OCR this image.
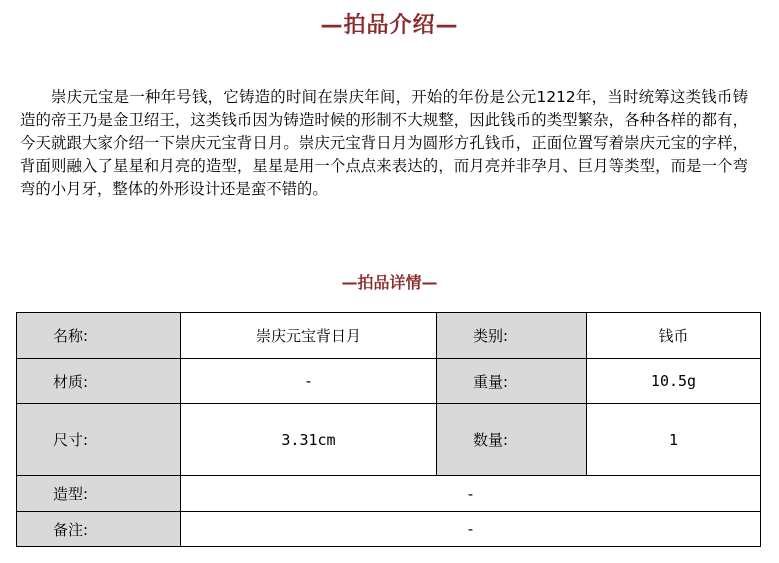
—拍品介绍—

崇庆元宝是一种年号钱，它铸造的时间在崇庆年间，开始的年份是公元1212年，当时统筹这类钱币铸造的帝王乃是金卫绍王，这类钱币因为铸造时候的形制不大规整，因此钱币的类型繁杂，各种各样的都有，今天就跟大家介绍一下崇庆元宝背日月。崇庆元宝背日月为圆形方孔钱币，正面位置写着崇庆元宝的字样，背面则融入了星星和月亮的造型，星星是用一个点点来表达的，而月亮并非孕月、巨月等类型，而是一个弯弯的小月牙，整体的外形设计还是蛮不错的。

—拍品详情—
名称:	崇庆元宝背日月	类别:	钱币
材质:	-	重量:	10.5g
尺寸:	3.31cm	数量:	1
造型:	-		
备注:	-		
